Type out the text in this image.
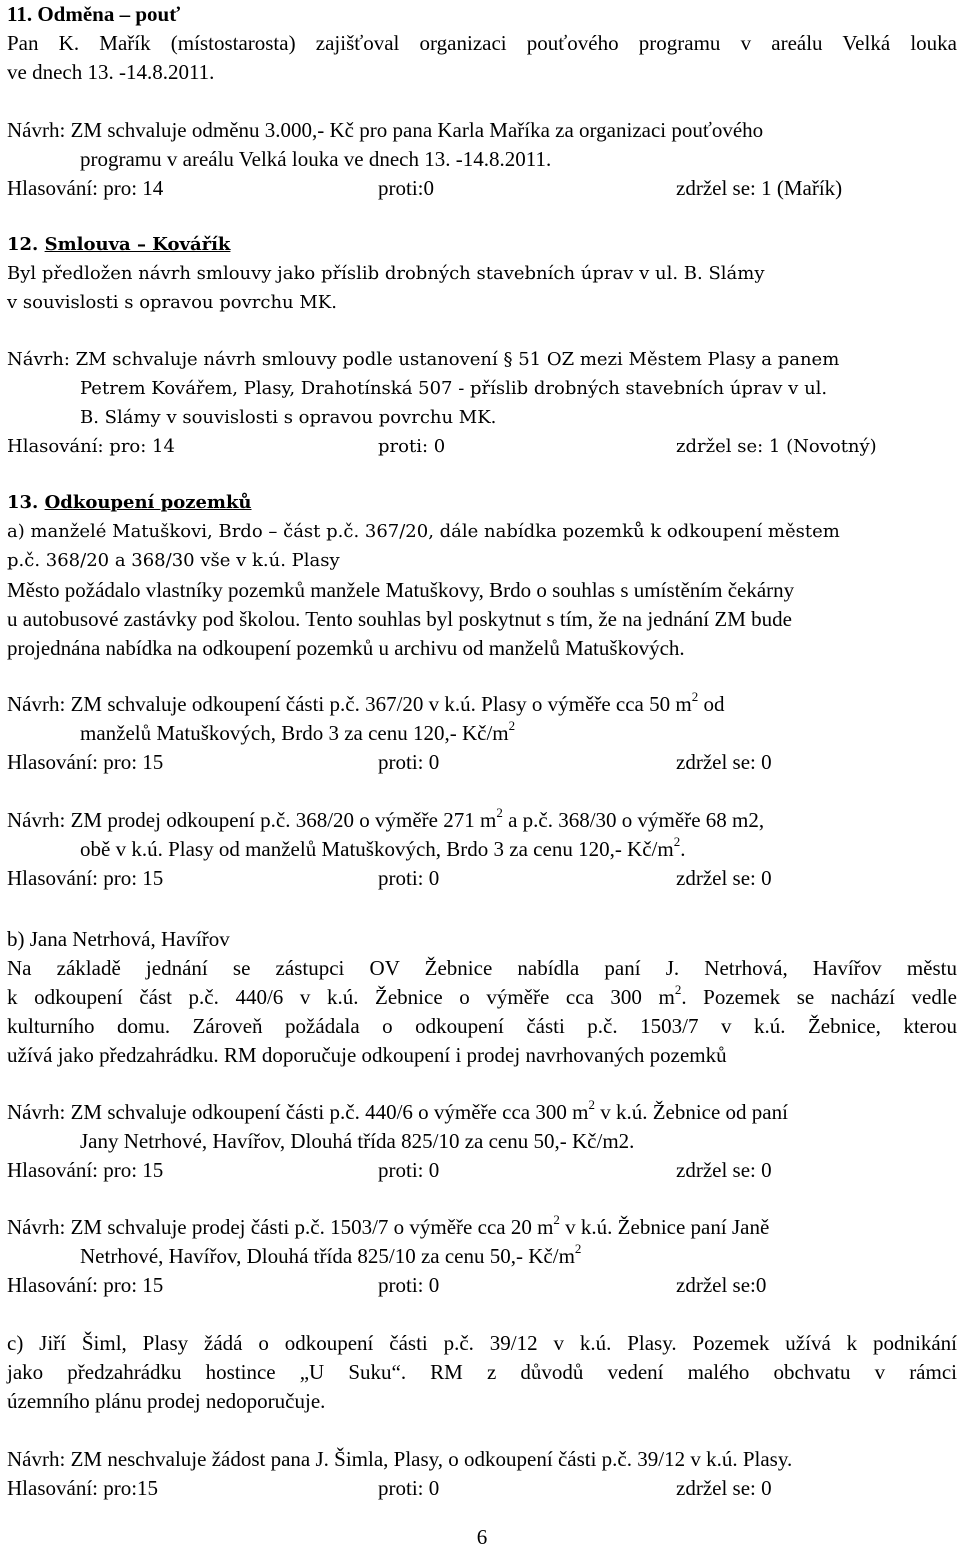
11. Odměna – pouť
Pan K. Mařík (místostarosta) zajišťoval organizaci pouťového programu v areálu Velká louka
ve dnech 13. -14.8.2011.
Návrh: ZM schvaluje odměnu 3.000,- Kč pro pana Karla Maříka za organizaci pouťového
programu v areálu Velká louka ve dnech 13. -14.8.2011.
Hlasování: pro: 14	proti:0	zdržel se: 1 (Mařík)
12. Smlouva – Kovářík
Byl předložen návrh smlouvy jako příslib drobných stavebních úprav v ul. B. Slámy
v souvislosti s opravou povrchu MK.
Návrh: ZM schvaluje návrh smlouvy podle ustanovení § 51 OZ mezi Městem Plasy a panem
Petrem Kovářem, Plasy, Drahotínská 507 - příslib drobných stavebních úprav v ul.
B. Slámy v souvislosti s opravou povrchu MK.
Hlasování: pro: 14	proti: 0	zdržel se: 1 (Novotný)
13. Odkoupení pozemků
a) manželé Matuškovi, Brdo – část p.č. 367/20, dále nabídka pozemků k odkoupení městem
p.č. 368/20 a 368/30 vše v k.ú. Plasy
Město požádalo vlastníky pozemků manžele Matuškovy, Brdo o souhlas s umístěním čekárny
u autobusové zastávky pod školou. Tento souhlas byl poskytnut s tím, že na jednání ZM bude
projednána nabídka na odkoupení pozemků u archivu od manželů Matuškových.
Návrh: ZM schvaluje odkoupení části p.č. 367/20 v k.ú. Plasy o výměře cca 50 $m^2$ od
manželů Matuškových, Brdo 3 za cenu 120,- $Kč/m^2$
Hlasování: pro: 15	proti: 0	zdržel se: 0
Návrh: ZM prodej odkoupení p.č. 368/20 o výměře 271 $m^2$ a p.č. 368/30 o výměře 68 m2,
obě v k.ú. Plasy od manželů Matuškových, Brdo 3 za cenu 120,- $Kč/m^2$.
Hlasování: pro: 15	proti: 0	zdržel se: 0
b) Jana Netrhová, Havířov
Na základě jednání se zástupci OV Žebnice nabídla paní J. Netrhová, Havířov městu
k odkoupení část p.č. 440/6 v k.ú. Žebnice o výměře cca 300 $m^2$. Pozemek se nachází vedle
kulturního domu. Zároveň požádala o odkoupení části p.č. 1503/7 v k.ú. Žebnice, kterou
užívá jako předzahrádku. RM doporučuje odkoupení i prodej navrhovaných pozemků
Návrh: ZM schvaluje odkoupení části p.č. 440/6 o výměře cca 300 $m^2$ v k.ú. Žebnice od paní
Jany Netrhové, Havířov, Dlouhá třída 825/10 za cenu 50,- Kč/m2.
Hlasování: pro: 15	proti: 0	zdržel se: 0
Návrh: ZM schvaluje prodej části p.č. 1503/7 o výměře cca 20 $m^2$ v k.ú. Žebnice paní Janě
Netrhové, Havířov, Dlouhá třída 825/10 za cenu 50,- $Kč/m^2$
Hlasování: pro: 15	proti: 0	zdržel se:0
c) Jiří Šiml, Plasy žádá o odkoupení části p.č. 39/12 v k.ú. Plasy. Pozemek užívá k podnikání
jako předzahrádku hostince „U Suku“. RM z důvodů vedení malého obchvatu v rámci
územního plánu prodej nedoporučuje.
Návrh: ZM neschvaluje žádost pana J. Šimla, Plasy, o odkoupení části p.č. 39/12 v k.ú. Plasy.
Hlasování: pro:15	proti: 0	zdržel se: 0
6
